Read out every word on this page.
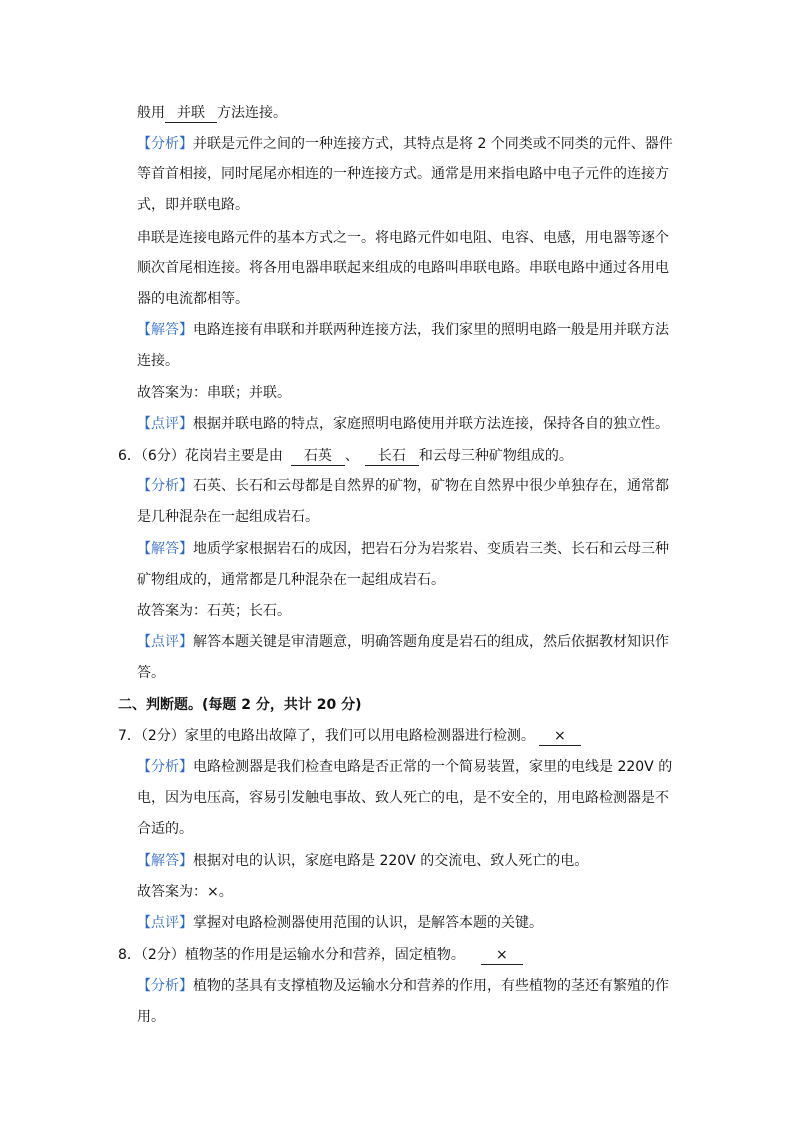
般用 并联 方法连接。
【分析】并联是元件之间的一种连接方式，其特点是将 2 个同类或不同类的元件、器件
等首首相接，同时尾尾亦相连的一种连接方式。通常是用来指电路中电子元件的连接方
式，即并联电路。
串联是连接电路元件的基本方式之一。将电路元件如电阻、电容、电感，用电器等逐个
顺次首尾相连接。将各用电器串联起来组成的电路叫串联电路。串联电路中通过各用电
器的电流都相等。
【解答】电路连接有串联和并联两种连接方法，我们家里的照明电路一般是用并联方法
连接。
故答案为：串联；并联。
【点评】根据并联电路的特点，家庭照明电路使用并联方法连接，保持各自的独立性。
6．（6分）花岗岩主要是由 石英 、 长石 和云母三种矿物组成的。
【分析】石英、长石和云母都是自然界的矿物，矿物在自然界中很少单独存在，通常都
是几种混杂在一起组成岩石。
【解答】地质学家根据岩石的成因，把岩石分为岩浆岩、变质岩三类、长石和云母三种
矿物组成的，通常都是几种混杂在一起组成岩石。
故答案为：石英；长石。
【点评】解答本题关键是审清题意，明确答题角度是岩石的组成，然后依据教材知识作
答。
二、判断题。(每题 2 分，共计 20 分)
7．（2分）家里的电路出故障了，我们可以用电路检测器进行检测。 ×
【分析】电路检测器是我们检查电路是否正常的一个简易装置，家里的电线是 220V 的
电，因为电压高，容易引发触电事故、致人死亡的电，是不安全的，用电路检测器是不
合适的。
【解答】根据对电的认识，家庭电路是 220V 的交流电、致人死亡的电。
故答案为：×。
【点评】掌握对电路检测器使用范围的认识，是解答本题的关键。
8．（2分）植物茎的作用是运输水分和营养，固定植物。 ×
【分析】植物的茎具有支撑植物及运输水分和营养的作用，有些植物的茎还有繁殖的作
用。
